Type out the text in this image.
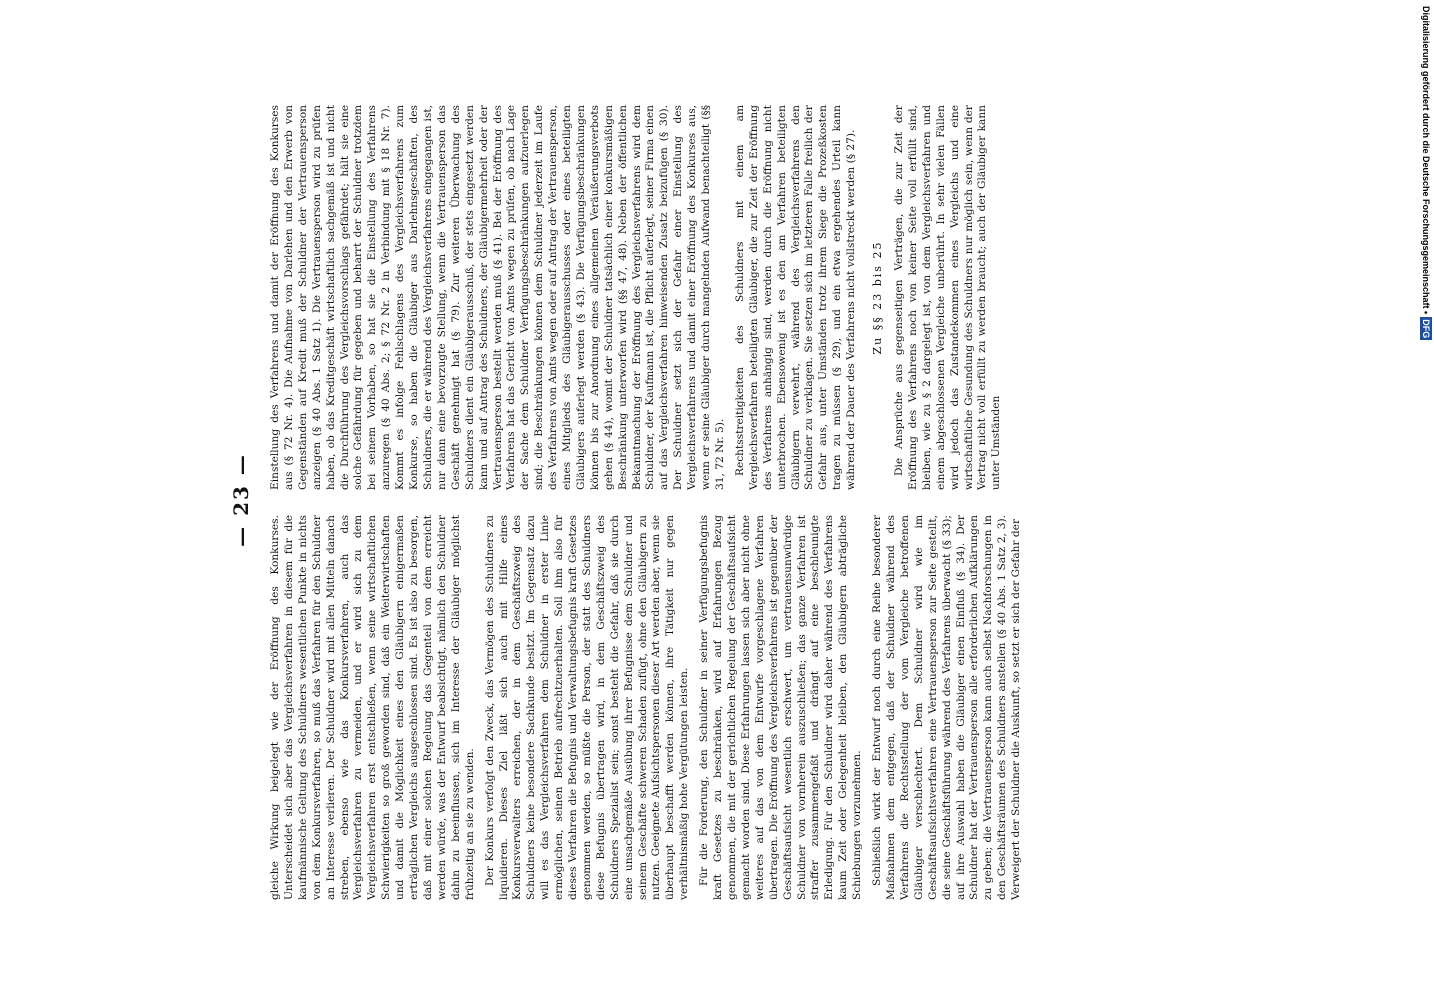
— 23 —

gleiche Wirkung beigelegt wie der Eröffnung des Konkurses. Unterscheidet sich aber das Vergleichsverfahren in diesem für die kaufmännische Geltung des Schuldners wesentlichen Punkte in nichts von dem Konkursverfahren, so muß das Verfahren für den Schuldner an Interesse verlieren. Der Schuldner wird mit allen Mitteln danach streben, ebenso wie das Konkursverfahren, auch das Vergleichsverfahren zu vermeiden, und er wird sich zu dem Vergleichsverfahren erst entschließen, wenn seine wirtschaftlichen Schwierigkeiten so groß geworden sind, daß ein Weiterwirtschaften und damit die Möglichkeit eines den Gläubigern einigermaßen erträglichen Vergleichs ausgeschlossen sind. Es ist also zu besorgen, daß mit einer solchen Regelung das Gegenteil von dem erreicht werden würde, was der Entwurf beabsichtigt, nämlich den Schuldner dahin zu beeinflussen, sich im Interesse der Gläubiger möglichst frühzeitig an sie zu wenden. Der Konkurs verfolgt den Zweck, das Vermögen des Schuldners zu liquidieren. Dieses Ziel läßt sich auch mit Hilfe eines Konkursverwalters erreichen, der in dem Geschäftszweig des Schuldners keine besondere Sachkunde besitzt. Im Gegensatz dazu will es das Vergleichsverfahren dem Schuldner in erster Linie ermöglichen, seinen Betrieb aufrechtzuerhalten. Soll ihm also für dieses Verfahren die Befugnis und Verwaltungsbefugnis kraft Gesetzes genommen werden, so müßte die Person, der statt des Schuldners diese Befugnis übertragen wird, in dem Geschäftszweig des Schuldners Spezialist sein; sonst besteht die Gefahr, daß sie durch eine unsachgemäße Ausübung ihrer Befugnisse dem Schuldner und seinem Geschäfte schweren Schaden zufügt, ohne den Gläubigern zu nutzen. Geeignete Aufsichtspersonen dieser Art werden aber, wenn sie überhaupt beschafft werden können, ihre Tätigkeit nur gegen verhältnismäßig hohe Vergütungen leisten. Für die Forderung, den Schuldner in seiner Verfügungsbefugnis kraft Gesetzes zu beschränken, wird auf Erfahrungen Bezug genommen, die mit der gerichtlichen Regelung der Geschäftsaufsicht gemacht worden sind. Diese Erfahrungen lassen sich aber nicht ohne weiteres auf das von dem Entwurfe vorgeschlagene Verfahren übertragen. Die Eröffnung des Vergleichsverfahrens ist gegenüber der Geschäftsaufsicht wesentlich erschwert, um vertrauensunwürdige Schuldner von vornherein auszuschließen; das ganze Verfahren ist straffer zusammengefaßt und drängt auf eine beschleunigte Erledigung. Für den Schuldner wird daher während des Verfahrens kaum Zeit oder Gelegenheit bleiben, den Gläubigern abträgliche Schiebungen vorzunehmen. Schließlich wirkt der Entwurf noch durch eine Reihe besonderer Maßnahmen dem entgegen, daß der Schuldner während des Verfahrens die Rechtsstellung der vom Vergleiche betroffenen Gläubiger verschlechtert. Dem Schuldner wird wie im Geschäftsaufsichtsverfahren eine Vertrauensperson zur Seite gestellt, die seine Geschäftsführung während des Verfahrens überwacht (§ 33); auf ihre Auswahl haben die Gläubiger einen Einfluß (§ 34). Der Schuldner hat der Vertrauensperson alle erforderlichen Aufklärungen zu geben; die Vertrauensperson kann auch selbst Nachforschungen in den Geschäftsräumen des Schuldners anstellen (§ 40 Abs. 1 Satz 2, 3). Verweigert der Schuldner die Auskunft, so setzt er sich der Gefahr der

Einstellung des Verfahrens und damit der Eröffnung des Konkurses aus (§ 72 Nr. 4). Die Aufnahme von Darlehen und den Erwerb von Gegenständen auf Kredit muß der Schuldner der Vertrauensperson anzeigen (§ 40 Abs. 1 Satz 1). Die Vertrauensperson wird zu prüfen haben, ob das Kreditgeschäft wirtschaftlich sachgemäß ist und nicht die Durchführung des Vergleichsvorschlags gefährdet; hält sie eine solche Gefährdung für gegeben und beharrt der Schuldner trotzdem bei seinem Vorhaben, so hat sie die Einstellung des Verfahrens anzuregen (§ 40 Abs. 2; § 72 Nr. 2 in Verbindung mit § 18 Nr. 7). Kommt es infolge Fehlschlagens des Vergleichsverfahrens zum Konkurse, so haben die Gläubiger aus Darlehnsgeschäften, des Schuldners, die er während des Vergleichsverfahrens eingegangen ist, nur dann eine bevorzugte Stellung, wenn die Vertrauensperson das Geschäft genehmigt hat (§ 79). Zur weiteren Überwachung des Schuldners dient ein Gläubigerausschuß, der stets eingesetzt werden kann und auf Antrag des Schuldners, der Gläubigermehrheit oder der Vertrauensperson bestellt werden muß (§ 41). Bei der Eröffnung des Verfahrens hat das Gericht von Amts wegen zu prüfen, ob nach Lage der Sache dem Schuldner Verfügungsbeschränkungen aufzuerlegen sind; die Beschränkungen können dem Schuldner jederzeit im Laufe des Verfahrens von Amts wegen oder auf Antrag der Vertrauensperson, eines Mitglieds des Gläubigerausschusses oder eines beteiligten Gläubigers auferlegt werden (§ 43). Die Verfügungsbeschränkungen können bis zur Anordnung eines allgemeinen Veräußerungsverbots gehen (§ 44), womit der Schuldner tatsächlich einer konkursmäßigen Beschränkung unterworfen wird (§§ 47, 48). Neben der öffentlichen Bekanntmachung der Eröffnung des Vergleichsverfahrens wird dem Schuldner, der Kaufmann ist, die Pflicht auferlegt, seiner Firma einen auf das Vergleichsverfahren hinweisenden Zusatz beizufügen (§ 30). Der Schuldner setzt sich der Gefahr einer Einstellung des Vergleichsverfahrens und damit einer Eröffnung des Konkurses aus, wenn er seine Gläubiger durch mangelnden Aufwand benachteiligt (§§ 31, 72 Nr. 5). Rechtsstreitigkeiten des Schuldners mit einem am Vergleichsverfahren beteiligten Gläubiger, die zur Zeit der Eröffnung des Verfahrens anhängig sind, werden durch die Eröffnung nicht unterbrochen. Ebensowenig ist es den am Verfahren beteiligten Gläubigern verwehrt, während des Vergleichsverfahrens den Schuldner zu verklagen. Sie setzen sich im letzteren Falle freilich der Gefahr aus, unter Umständen trotz ihrem Siege die Prozeßkosten tragen zu müssen (§ 29), und ein etwa ergehendes Urteil kann während der Dauer des Verfahrens nicht vollstreckt werden (§ 27). Zu §§ 23 bis 25 Die Ansprüche aus gegenseitigen Verträgen, die zur Zeit der Eröffnung des Verfahrens noch von keiner Seite voll erfüllt sind, bleiben, wie zu § 2 dargelegt ist, von dem Vergleichsverfahren und einem abgeschlossenen Vergleiche unberührt. In sehr vielen Fällen wird jedoch das Zustandekommen eines Vergleichs und eine wirtschaftliche Gesundung des Schuldners nur möglich sein, wenn der Vertrag nicht voll erfüllt zu werden braucht; auch der Gläubiger kann unter Umständen

Digitalisierung gefördert durch die Deutsche Forschungsgemeinschaft •DFG
